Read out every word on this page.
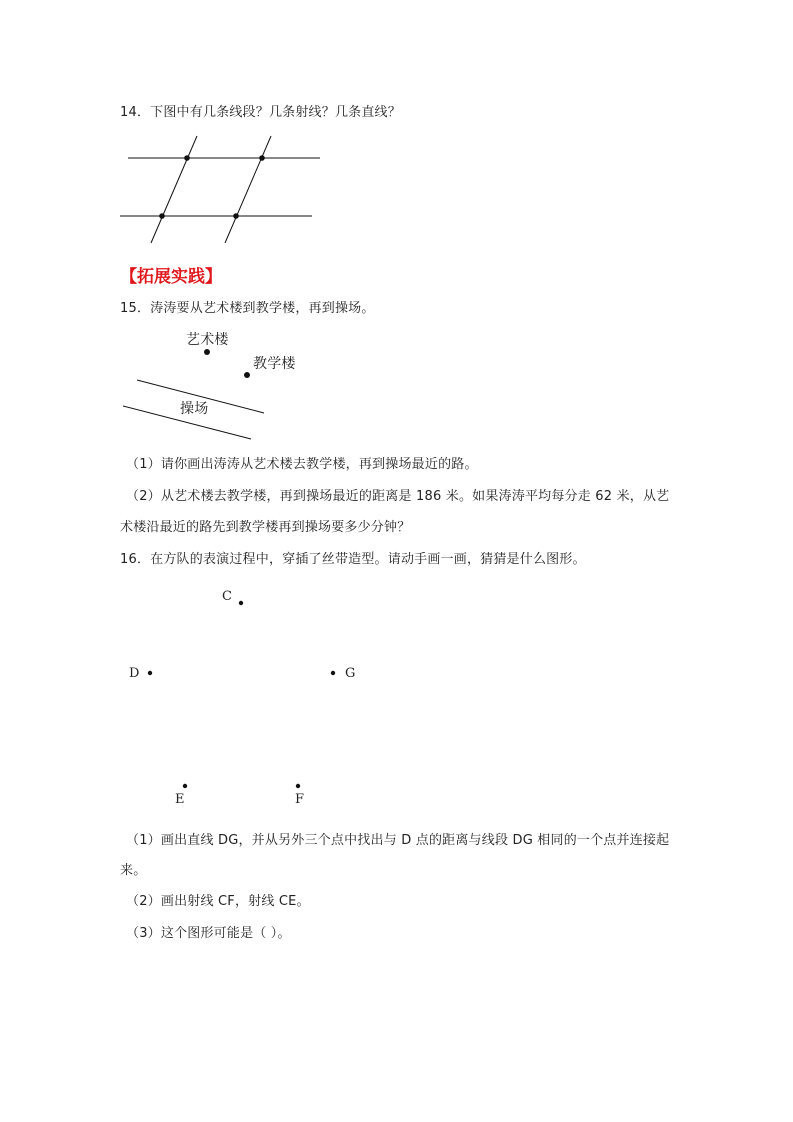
14．下图中有几条线段？几条射线？几条直线？
【拓展实践】
15．涛涛要从艺术楼到教学楼，再到操场。
艺术楼
教学楼
操场
（1）请你画出涛涛从艺术楼去教学楼，再到操场最近的路。
（2）从艺术楼去教学楼，再到操场最近的距离是 186 米。如果涛涛平均每分走 62 米，从艺
术楼沿最近的路先到教学楼再到操场要多少分钟？
16．在方队的表演过程中，穿插了丝带造型。请动手画一画，猜猜是什么图形。
C
D	G
E	F
（1）画出直线 DG，并从另外三个点中找出与 D 点的距离与线段 DG 相同的一个点并连接起
来。
（2）画出射线 CF，射线 CE。
（3）这个图形可能是（ ）。
